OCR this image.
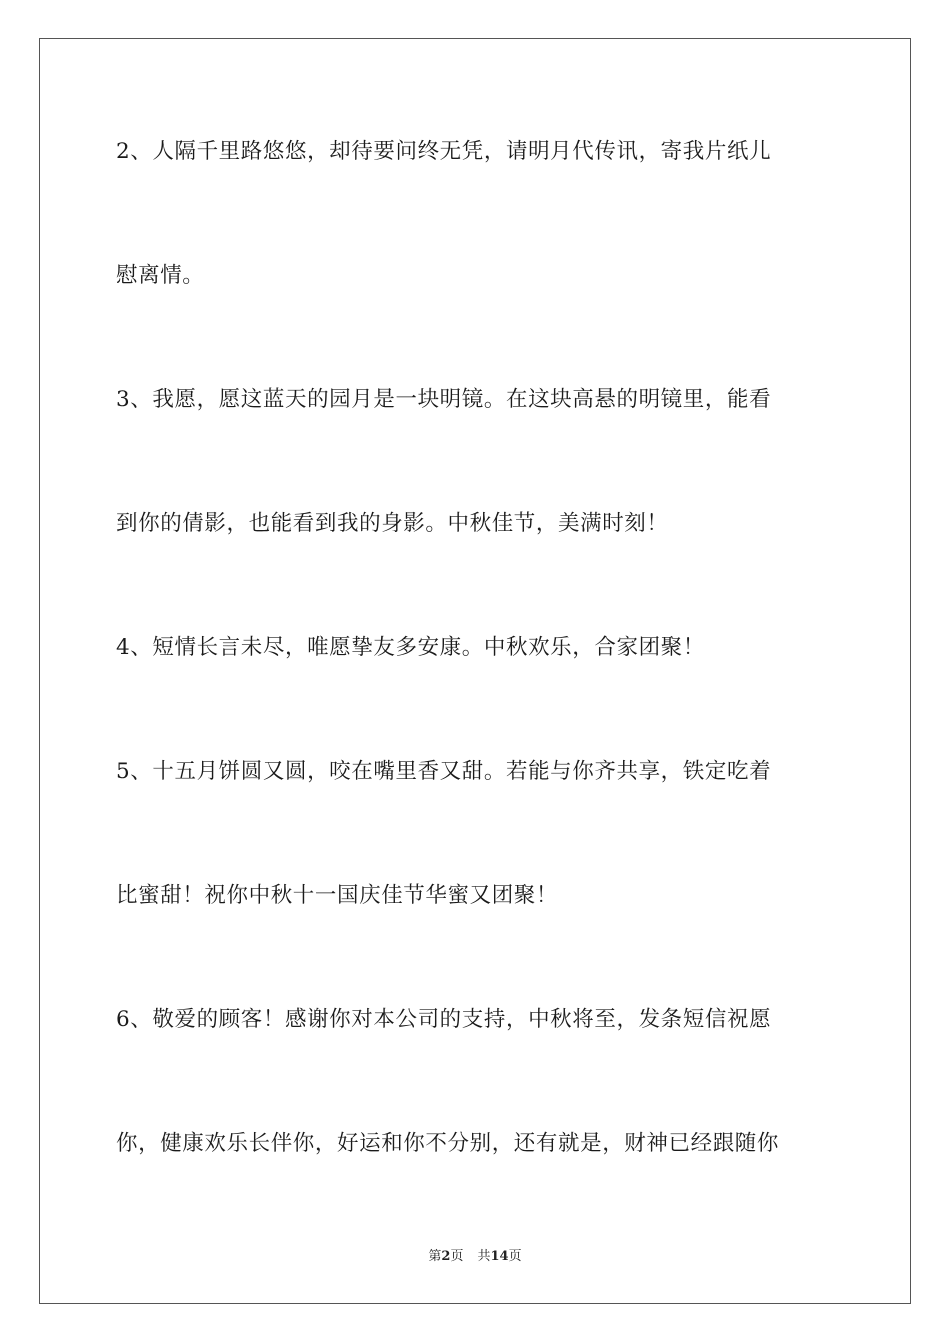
2、人隔千里路悠悠，却待要问终无凭，请明月代传讯，寄我片纸儿
慰离情。
3、我愿，愿这蓝天的园月是一块明镜。在这块高悬的明镜里，能看
到你的倩影，也能看到我的身影。中秋佳节，美满时刻！
4、短情长言未尽，唯愿挚友多安康。中秋欢乐，合家团聚！
5、十五月饼圆又圆，咬在嘴里香又甜。若能与你齐共享，铁定吃着
比蜜甜！祝你中秋十一国庆佳节华蜜又团聚！
6、敬爱的顾客！感谢你对本公司的支持，中秋将至，发条短信祝愿
你，健康欢乐长伴你，好运和你不分别，还有就是，财神已经跟随你
第2页 共14页
